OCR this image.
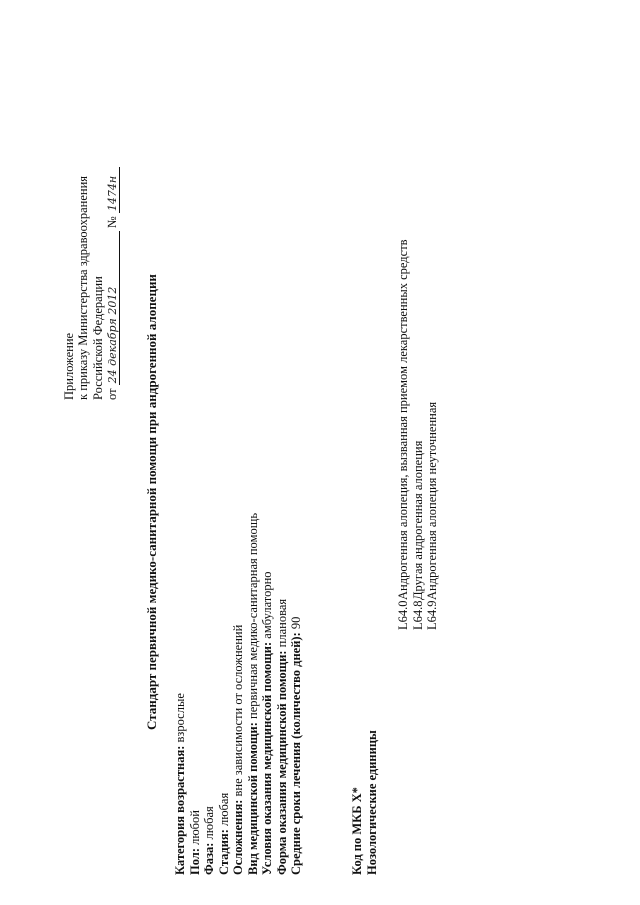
Приложение к приказу Министерства здравоохранения Российской Федерации от 24 декабря 2012 № 1474н
Стандарт первичной медико-санитарной помощи при андрогенной алопеции
Категория возрастная: взрослые
Пол: любой
Фаза: любая
Стадия: любая Осложнения: вне зависимости от осложнений Вид медицинской помощи: первичная медико-санитарная помощь
Условия оказания медицинской помощи: амбулаторно
Форма оказания медицинской помощи: плановая
Средние сроки лечения (количество дней): 90
Код по МКБ X* Нозологические единицы
L64.0Андрогенная алопеция, вызванная приемом лекарственных средств
L64.8Другая андрогенная алопеция
L64.9Андрогенная алопеция неуточненная
